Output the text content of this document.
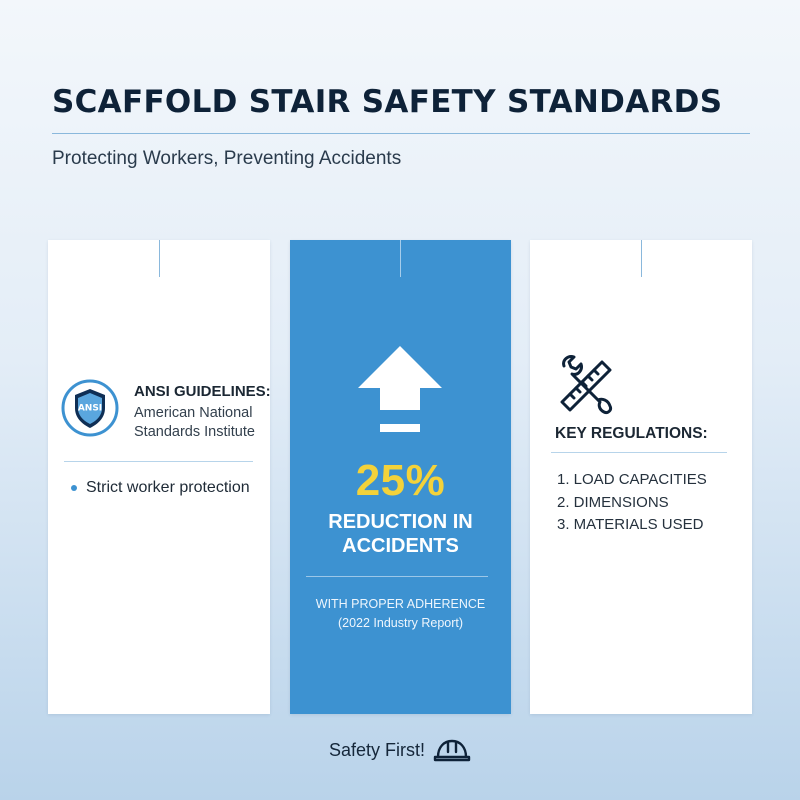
SCAFFOLD STAIR SAFETY STANDARDS
Protecting Workers, Preventing Accidents
ANSI
ANSI GUIDELINES:
American National Standards Institute
Strict worker protection	25%
REDUCTION IN ACCIDENTS
WITH PROPER ADHERENCE
(2022 Industry Report)
KEY REGULATIONS:
1. LOAD CAPACITIES
2. DIMENSIONS
3. MATERIALS USED
Safety First!
